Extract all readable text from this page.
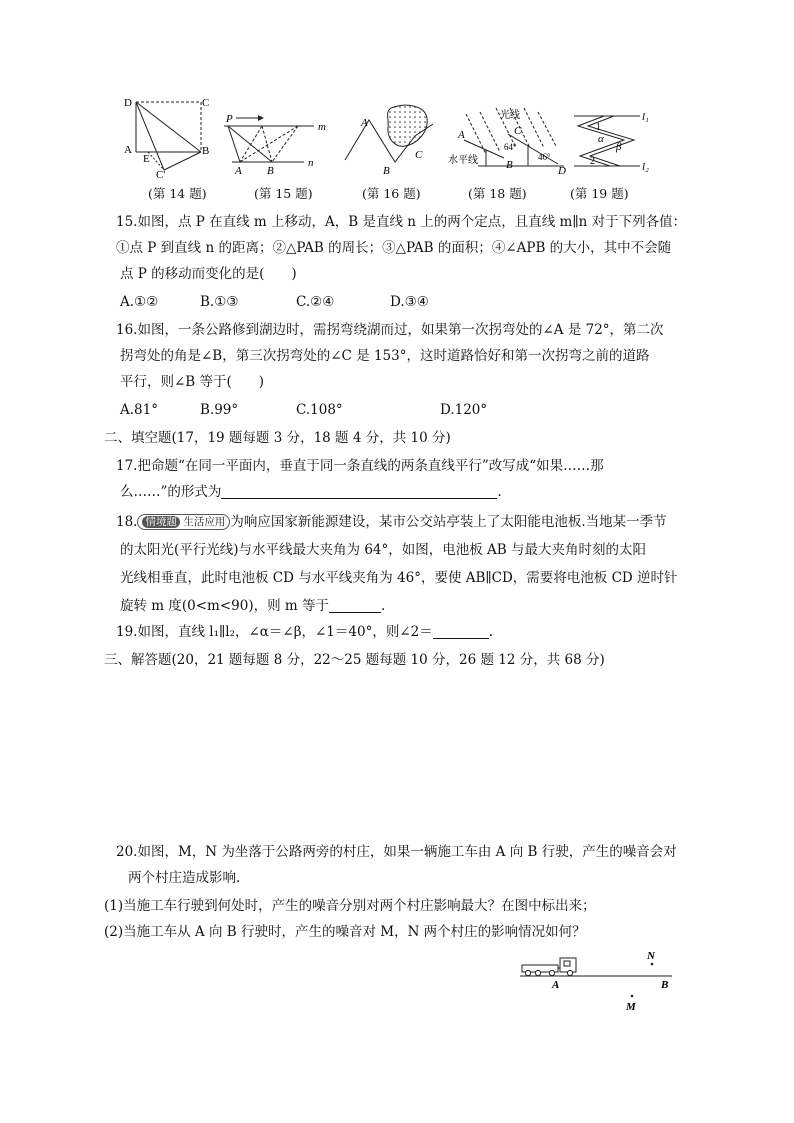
D	C
A
E
B
C'
P
m
n
A B
A
B
C
光线
A	C
64°
46°
水平线	B	D
l₁
1
α
β
2	l₂
(第 14 题)	(第 15 题)	(第 16 题)	(第 18 题)	(第 19 题)
15.如图，点 P 在直线 m 上移动，A，B 是直线 n 上的两个定点，且直线 m∥n 对于下列各值：
①点 P 到直线 n 的距离；②△PAB 的周长；③△PAB 的面积；④∠APB 的大小，其中不会随
点 P 的移动而变化的是(　　)
A.①②	B.①③	C.②④	D.③④
16.如图，一条公路修到湖边时，需拐弯绕湖而过，如果第一次拐弯处的∠A 是 72°，第二次
拐弯处的角是∠B，第三次拐弯处的∠C 是 153°，这时道路恰好和第一次拐弯之前的道路
平行，则∠B 等于(　　)
A.81°	B.99°	C.108°	D.120°
二、填空题(17，19 题每题 3 分，18 题 4 分，共 10 分)
17.把命题“在同一平面内，垂直于同一条直线的两条直线平行”改写成“如果……那
么……”的形式为	.
18. 情境题 生活应用 为响应国家新能源建设，某市公交站亭装上了太阳能电池板.当地某一季节
的太阳光(平行光线)与水平线最大夹角为 64°，如图，电池板 AB 与最大夹角时刻的太阳
光线相垂直，此时电池板 CD 与水平线夹角为 46°，要使 AB∥CD，需要将电池板 CD 逆时针
旋转 m 度(0<m<90)，则 m 等于	.
19.如图，直线 l₁∥l₂，∠α＝∠β，∠1＝40°，则∠2＝	.
三、解答题(20，21 题每题 8 分，22～25 题每题 10 分，26 题 12 分，共 68 分)
20.如图，M，N 为坐落于公路两旁的村庄，如果一辆施工车由 A 向 B 行驶，产生的噪音会对
两个村庄造成影响.
(1)当施工车行驶到何处时，产生的噪音分别对两个村庄影响最大？在图中标出来；
(2)当施工车从 A 向 B 行驶时，产生的噪音对 M，N 两个村庄的影响情况如何？
N
A	B
M
